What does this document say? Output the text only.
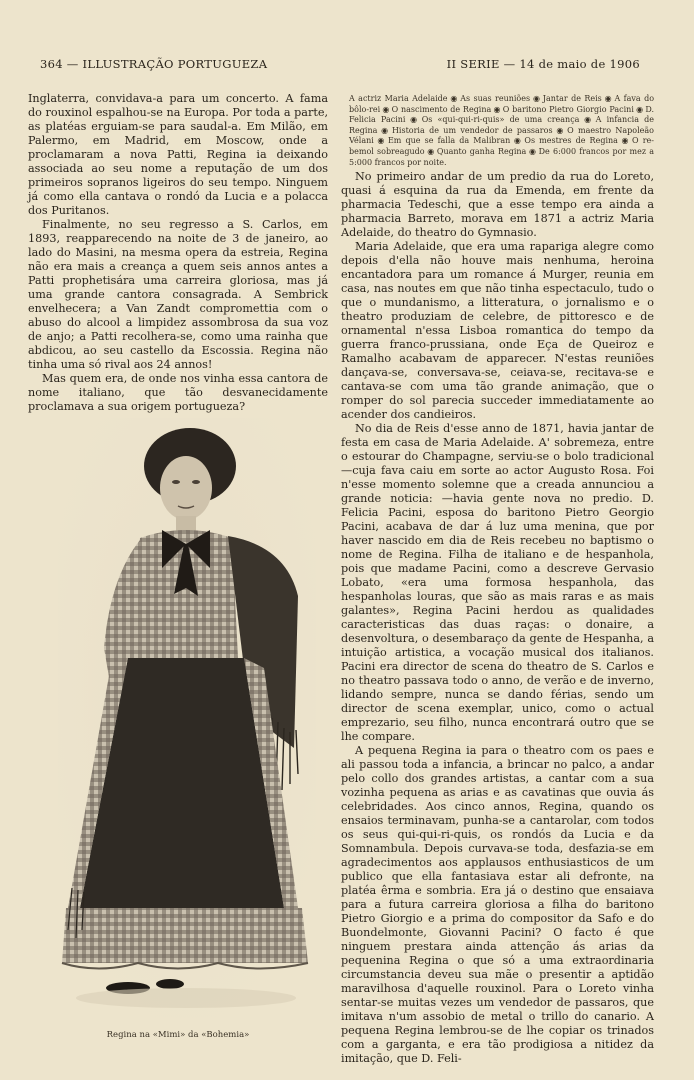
364 — ILLUSTRAÇÃO PORTUGUEZA	II SERIE — 14 de maio de 1906

Inglaterra, convidava-a para um concerto. A fama do rouxinol espalhou-se na Europa. Por toda a parte, as platéas erguiam-se para saudal-a. Em Milão, em Palermo, em Madrid, em Moscow, onde a proclamaram a nova Patti, Regina ia deixando associada ao seu nome a reputação de um dos primeiros sopranos ligeiros do seu tempo. Ninguem já como ella cantava o rondó da Lucia e a polacca dos Puritanos.

Finalmente, no seu regresso a S. Carlos, em 1893, reapparecendo na noite de 3 de janeiro, ao lado do Masini, na mesma opera da estreia, Regina não era mais a creança a quem seis annos antes a Patti prophetisára uma carreira gloriosa, mas já uma grande cantora consagrada. A Sembrick envelhecera; a Van Zandt compromettia com o abuso do alcool a limpidez assombrosa da sua voz de anjo; a Patti recolhera-se, como uma rainha que abdicou, ao seu castello da Escossia. Regina não tinha uma só rival aos 24 annos!

Mas quem era, de onde nos vinha essa cantora de nome italiano, que tão desvanecidamente proclamava a sua origem portugueza?

A actriz Maria Adelaide ◉ As suas reuniões ◉ Jantar de Reis ◉ A fava do bôlo-rei ◉ O nascimento de Regina ◉ O baritono Pietro Giorgio Pacini ◉ D. Felicia Pacini ◉ Os «qui-qui-ri-quis» de uma creança ◉ A infancia de Regina ◉ Historia de um vendedor de passaros ◉ O maestro Napoleão Vélani ◉ Em que se falla da Malibran ◉ Os mestres de Regina ◉ O re-bemol sobreagudo ◉ Quanto ganha Regina ◉ De 6:000 francos por mez a 5:000 francos por noite.

No primeiro andar de um predio da rua do Loreto, quasi á esquina da rua da Emenda, em frente da pharmacia Tedeschi, que a esse tempo era ainda a pharmacia Barreto, morava em 1871 a actriz Maria Adelaide, do theatro do Gymnasio.

Maria Adelaide, que era uma rapariga alegre como depois d'ella não houve mais nenhuma, heroina encantadora para um romance á Murger, reunia em casa, nas noutes em que não tinha espectaculo, tudo o que o mundanismo, a litteratura, o jornalismo e o theatro produziam de celebre, de pittoresco e de ornamental n'essa Lisboa romantica do tempo da guerra franco-prussiana, onde Eça de Queiroz e Ramalho acabavam de apparecer. N'estas reuniões dançava-se, conversava-se, ceiava-se, recitava-se e cantava-se com uma tão grande animação, que o romper do sol parecia succeder immediatamente ao acender dos candieiros.

No dia de Reis d'esse anno de 1871, havia jantar de festa em casa de Maria Adelaide. A' sobremeza, entre o estourar do Champagne, serviu-se o bolo tradicional—cuja fava caiu em sorte ao actor Augusto Rosa. Foi n'esse momento solemne que a creada annunciou a grande noticia: —havia gente nova no predio. D. Felicia Pacini, esposa do baritono Pietro Georgio Pacini, acabava de dar á luz uma menina, que por haver nascido em dia de Reis recebeu no baptismo o nome de Regina. Filha de italiano e de hespanhola, pois que madame Pacini, como a descreve Gervasio Lobato, «era uma formosa hespanhola, das hespanholas louras, que são as mais raras e as mais galantes», Regina Pacini herdou as qualidades caracteristicas das duas raças: o donaire, a desenvoltura, o desembaraço da gente de Hespanha, a intuição artistica, a vocação musical dos italianos. Pacini era director de scena do theatro de S. Carlos e no theatro passava todo o anno, de verão e de inverno, lidando sempre, nunca se dando férias, sendo um director de scena exemplar, unico, como o actual emprezario, seu filho, nunca encontrará outro que se lhe compare.

A pequena Regina ia para o theatro com os paes e ali passou toda a infancia, a brincar no palco, a andar pelo collo dos grandes artistas, a cantar com a sua vozinha pequena as arias e as cavatinas que ouvia ás celebridades. Aos cinco annos, Regina, quando os ensaios terminavam, punha-se a cantarolar, com todos os seus qui-qui-ri-quis, os rondós da Lucia e da Somnambula. Depois curvava-se toda, desfazia-se em agradecimentos aos applausos enthusiasticos de um publico que ella fantasiava estar ali defronte, na platéa êrma e sombria. Era já o destino que ensaiava para a futura carreira gloriosa a filha do baritono Pietro Giorgio e a prima do compositor da Safo e do Buondelmonte, Giovanni Pacini? O facto é que ninguem prestara ainda attenção ás arias da pequenina Regina o que só a uma extraordinaria circumstancia deveu sua mãe o presentir a aptidão maravilhosa d'aquelle rouxinol. Para o Loreto vinha sentar-se muitas vezes um vendedor de passaros, que imitava n'um assobio de metal o trillo do canario. A pequena Regina lembrou-se de lhe copiar os trinados com a garganta, e era tão prodigiosa a nitidez da imitação, que D. Feli-

Regina na «Mimi» da «Bohemia»
